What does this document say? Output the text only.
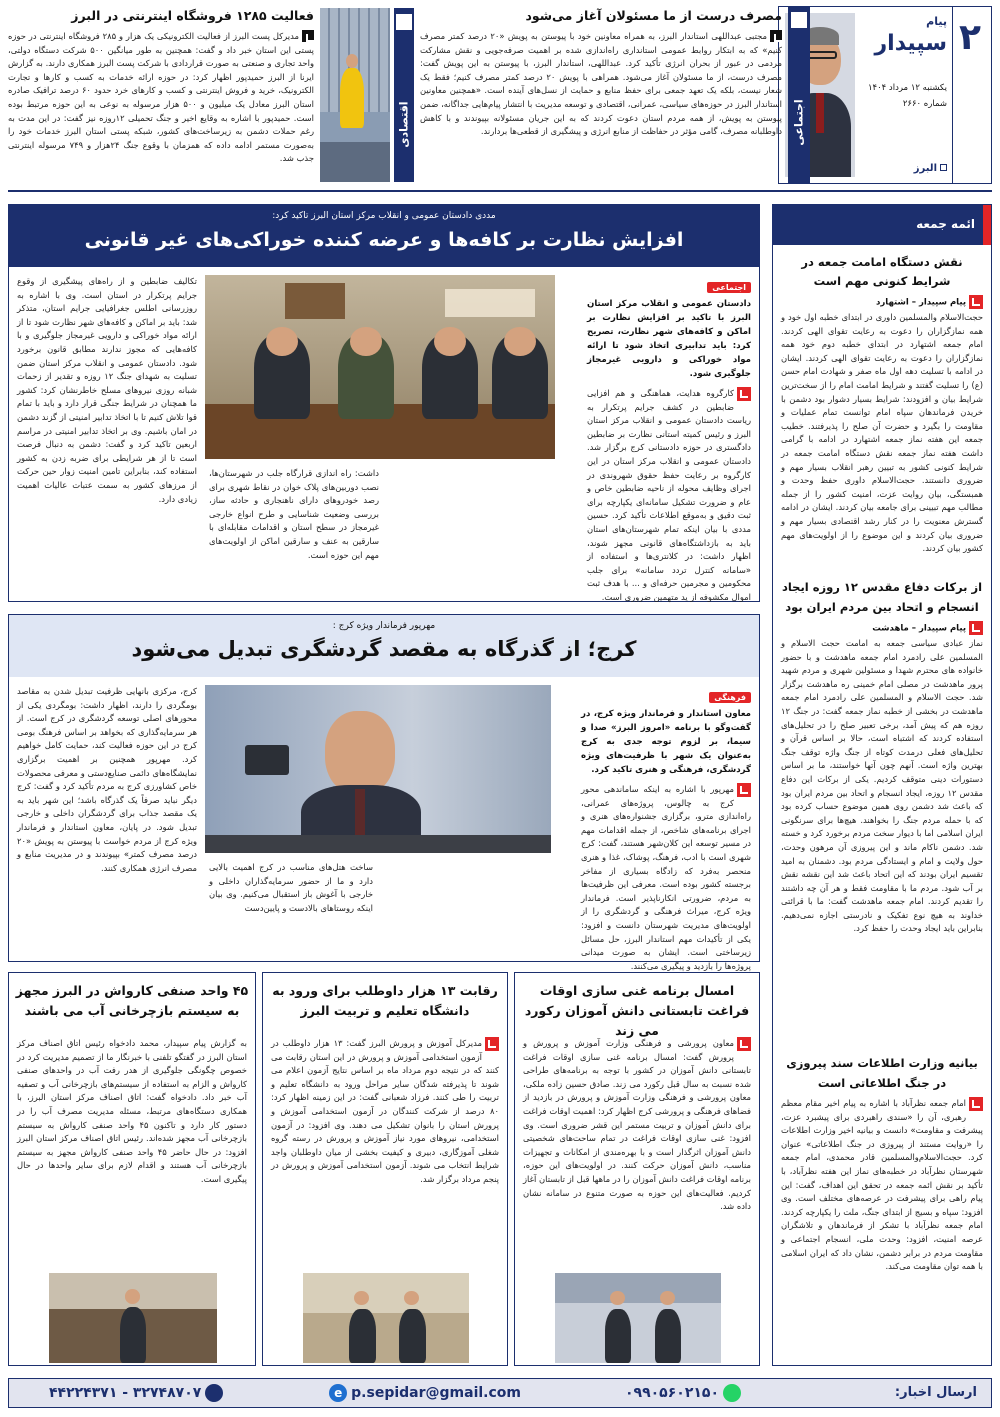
۲
پیام
سپیدار
یکشنبه ۱۲ مرداد ۱۴۰۴
شماره ۲۶۶۰
البرز
اجتماعی
مصرف درست از ما مسئولان آغاز می‌شود
مجتبی عبداللهی استاندار البرز، به همراه معاونین خود با پیوستن به پویش «۲۰ درصد کمتر مصرف کنیم» که به ابتکار روابط عمومی استانداری راه‌اندازی شده بر اهمیت صرفه‌جویی و نقش مشارکت مردمی در عبور از بحران انرژی تأکید کرد. عبداللهی، استاندار البرز، با پیوستن به این پویش گفت: مصرف درست، از ما مسئولان آغاز می‌شود. همراهی با پویش ۲۰ درصد کمتر مصرف کنیم؛ فقط یک شعار نیست، بلکه یک تعهد جمعی برای حفظ منابع و حمایت از نسل‌های آینده است. «همچنین معاونین استاندار البرز در حوزه‌های سیاسی، عمرانی، اقتصادی و توسعه مدیریت با انتشار پیام‌هایی جداگانه، ضمن پیوستن به پویش، از همه مردم استان دعوت کردند که به این جریان مسئولانه بپیوندند و با کاهش داوطلبانه مصرف، گامی مؤثر در حفاظت از منابع انرژی و پیشگیری از قطعی‌ها بردارند.
فعالیت ۱۲۸۵ فروشگاه اینترنتی در البرز
مدیرکل پست البرز از فعالیت الکترونیکی یک هزار و ۲۸۵ فروشگاه اینترنتی در حوزه پستی این استان خبر داد و گفت: همچنین به طور میانگین ۵۰۰ شرکت دستگاه دولتی، واحد تجاری و صنعتی به صورت قراردادی با شرکت پست البرز همکاری دارند. به گزارش ایرنا از البرز حمیدپور اظهار کرد: در حوزه ارائه خدمات به کسب و کارها و تجارت الکترونیک، خرید و فروش اینترنتی و کسب و کارهای خرد حدود ۶۰ درصد ترافیک صادره استان البرز معادل یک میلیون و ۵۰۰ هزار مرسوله به نوعی به این حوزه مرتبط بوده است. حمیدپور با اشاره به وقایع اخیر و جنگ تحمیلی ۱۲روزه نیز گفت: در این مدت به رغم حملات دشمن به زیرساخت‌های کشور، شبکه پستی استان البرز خدمات خود را به‌صورت مستمر ادامه داده که همزمان با وقوع جنگ ۲۴هزار و ۷۴۹ مرسوله اینترنتی جذب شد.
اقتصادی
ائمه جمعه
نقش دستگاه امامت جمعه در شرایط کنونی مهم است
پیام سپیدار – اشتهارد
حجت‌الاسلام والمسلمین داوری در ابتدای خطبه اول خود و همه نمازگزاران را دعوت به رعایت تقوای الهی کردند. امام جمعه اشتهارد در ابتدای خطبه دوم خود همه نمازگزاران را دعوت به رعایت تقوای الهی کردند. ایشان در ادامه با تسلیت دهه اول ماه صفر و شهادت امام حسن (ع) را تسلیت گفتند و شرایط امامت امام را از سخت‌ترین شرایط بیان و افزودند: شرایط بسیار دشوار بود دشمن با خریدن فرماندهان سپاه امام توانست تمام عملیات و مقاومت را بگیرد و حضرت آن صلح را پذیرفتند. خطیب جمعه این هفته نماز جمعه اشتهارد در ادامه با گرامی داشت هفته نماز جمعه نقش دستگاه امامت جمعه در شرایط کنونی کشور به تبیین رهبر انقلاب بسیار مهم و ضروری دانستند. حجت‌الاسلام داوری حفظ وحدت و همبستگی، بیان روایت عزت، امنیت کشور را از جمله مطالب مهم تبیینی برای جامعه بیان کردند. ایشان در ادامه گسترش معنویت را در کنار رشد اقتصادی بسیار مهم و ضروری بیان کردند و این موضوع را از اولویت‌های مهم کشور بیان کردند.
از برکات دفاع مقدس ۱۲ روزه ایجاد انسجام و اتحاد بین مردم ایران بود
پیام سپیدار – ماهدشت
نماز عبادی سیاسی جمعه به امامت حجت الاسلام و المسلمین علی رادمرد امام جمعه ماهدشت و با حضور خانواده های محترم شهدا و مسئولین شهری و مردم شهید پرور ماهدشت در مصلی امام خمینی ره ماهدشت برگزار شد. حجت الاسلام و المسلمین علی رادمرد امام جمعه ماهدشت در بخشی از خطبه نماز جمعه گفت: در جنگ ۱۲ روزه هم که پیش آمد، برخی تعبیر صلح را در تحلیل‌های استفاده کردند که اشتباه است، حالا بر اساس قرآن و تحلیل‌های فعلی درمدت کوتاه از جنگ واژه توقف جنگ بهترین واژه است. آنهم چون آتها خواستند، ما بر اساس دستورات دینی متوقف کردیم. یکی از برکات این دفاع مقدس ۱۲ روزه، ایجاد انسجام و اتحاد بین مردم ایران بود که باعث شد دشمن روی همین موضوع حساب کرده بود که با حمله مردم جنگ را بخواهند. هیچ‌ها برای سرنگونی ایران اسلامی اما با دیوار سخت مردم برخورد کرد و خسته شد. دشمن ناکام ماند و این پیروزی آن مرهون وحدت، حول ولایت و امام و ایستادگی مردم بود. دشمنان به امید تقسیم ایران بودند که این اتحاد باعث شد این نقشه نقش بر آب شود. مردم ما با مقاومت فقط و هر آن چه داشتند را تقدیم کردند. امام جمعه ماهدشت گفت: ما با قرائتی خداوند به هیچ نوع تفکیک و نادرستی اجازه نمی‌دهیم. بنابراین باید ایجاد وحدت را حفظ کرد.
بیانیه وزارت اطلاعات سند پیروزی در جنگ اطلاعاتی است
امام جمعه نظرآباد با اشاره به پیام اخیر مقام معظم رهبری، آن را «سندی راهبردی برای پیشبرد عزت، پیشرفت و مقاومت» دانست و بیانیه اخیر وزارت اطلاعات را «روایت مستند از پیروزی در جنگ اطلاعاتی» عنوان کرد. حجت‌الاسلام‌والمسلمین قادر محمدی، امام جمعه شهرستان نظرآباد در خطبه‌های نماز این هفته نظرآباد، با تأکید بر نقش ائمه جمعه در تحقق این اهداف، گفت: این پیام راهی برای پیشرفت در عرصه‌های مختلف است. وی افزود: سپاه و بسیج از ابتدای جنگ، ملت را یکپارچه کردند. امام جمعه نظرآباد با تشکر از فرماندهان و تلاشگران عرصه امنیت، افزود: وحدت ملی، انسجام اجتماعی و مقاومت مردم در برابر دشمن، نشان داد که ایران اسلامی با همه توان مقاومت می‌کند.
مددی دادستان عمومی و انقلاب مرکز استان البرز تاکید کرد:
افزایش نظارت بر کافه‌ها و عرضه کننده خوراکی‌های غیر قانونی
اجتماعی
دادستان عمومی و انقلاب مرکز استان البرز با تاکید بر افزایش نظارت بر اماکن و کافه‌های شهر نظارت، تصریح کرد: باید تدابیری اتخاذ شود تا ارائه مواد خوراکی و دارویی غیرمجاز جلوگیری شود.
کارگروه هدایت، هماهنگی و هم افزایی ضابطین در کشف جرایم پرتکرار به ریاست دادستان عمومی و انقلاب مرکز استان البرز و رئیس کمیته استانی نظارت بر ضابطین دادگستری در حوزه دادستانی کرج برگزار شد. دادستان عمومی و انقلاب مرکز استان در این کارگروه بر رعایت حفظ حقوق شهروندی در اجرای وظایف محوله از ناحیه ضابطین خاص و عام و ضرورت تشکیل سامانه‌ای یکپارچه برای ثبت دقیق و به‌موقع اطلاعات تأکید کرد. حسین مددی با بیان اینکه تمام شهرستان‌های استان باید به بازداشتگاه‌های قانونی مجهز شوند، اظهار داشت: در کلانتری‌ها و استفاده از «سامانه کنترل تردد سامانه» برای جلب محکومین و مجرمین حرفه‌ای و ... با هدف ثبت اموال مکشوفه از ید متهمین ضروری است.
داشت: راه اندازی قرارگاه جلب در شهرستان‌ها، نصب دوربین‌های پلاک خوان در نقاط شهری برای رصد خودروهای دارای ناهنجاری و حادثه ساز، بررسی وضعیت شناسایی و طرح انواع خارجی غیرمجاز در سطح استان و اقدامات مقابله‌ای با سارقین به عنف و سارقین اماکن از اولویت‌های مهم این حوزه است.
تکالیف ضابطین و از راه‌های پیشگیری از وقوع جرایم پرتکرار در استان است. وی با اشاره به روزرسانی اطلس جغرافیایی جرایم استان، متذکر شد: باید بر اماکن و کافه‌های شهر نظارت شود تا از ارائه مواد خوراکی و دارویی غیرمجاز جلوگیری و با کافه‌هایی که مجوز ندارند مطابق قانون برخورد شود. دادستان عمومی و انقلاب مرکز استان ضمن تسلیت به شهدای جنگ ۱۲ روزه و تقدیر از زحمات شبانه روزی نیروهای مسلح خاطرنشان کرد: کشور ما همچنان در شرایط جنگی قرار دارد و باید با تمام قوا تلاش کنیم تا با اتخاذ تدابیر امنیتی از گزند دشمن در امان باشیم. وی بر اتخاذ تدابیر امنیتی در مراسم اربعین تاکید کرد و گفت: دشمن به دنبال فرصت است تا از هر شرایطی برای ضربه زدن به کشور استفاده کند، بنابراین تامین امنیت زوار حین حرکت از مرزهای کشور به سمت عتبات عالیات اهمیت زیادی دارد.
مهرپور فرماندار ویژه کرج :
کرج؛ از گذرگاه به مقصد گردشگری تبدیل می‌شود
فرهنگی
معاون استاندار و فرماندار ویژه کرج، در گفت‌وگو با برنامه «امروز البرز» صدا و سیما، بر لزوم توجه جدی به کرج به‌عنوان یک شهر با ظرفیت‌های ویژه گردشگری، فرهنگی و هنری تاکید کرد.
مهرپور با اشاره به اینکه ساماندهی محور کرج به چالوس، پروژه‌های عمرانی، راه‌اندازی مترو، برگزاری جشنواره‌های هنری و اجرای برنامه‌های شاخص، از جمله اقدامات مهم در مسیر توسعه این کلان‌شهر هستند، گفت: کرج شهری است با ادب، فرهنگ، پوشاک، غذا و هنری منحصر به‌فرد که زادگاه بسیاری از مفاخر برجسته کشور بوده است. معرفی این ظرفیت‌ها به مردم، ضرورتی انکارناپذیر است. فرماندار ویژه کرج، میراث فرهنگی و گردشگری را از اولویت‌های مدیریت شهرستان دانست و افزود: یکی از تأکیدات مهم استاندار البرز، حل مسائل زیرساختی است. ایشان به صورت میدانی پروژه‌ها را بازدید و پیگیری می‌کنند.
ساخت هتل‌های مناسب در کرج اهمیت بالایی دارد و ما از حضور سرمایه‌گذاران داخلی و خارجی با آغوش باز استقبال می‌کنیم. وی بیان اینکه روستاهای بالادست و پایین‌دست
کرج، مرکزی با‌نهایی ظرفیت تبدیل شدن به مقاصد بومگردی را دارند، اظهار داشت: بومگردی یکی از محورهای اصلی توسعه گردشگری در کرج است. از هر سرمایه‌گذاری که بخواهد بر اساس فرهنگ بومی کرج در این حوزه فعالیت کند، حمایت کامل خواهیم کرد. مهرپور همچنین بر اهمیت برگزاری نمایشگاه‌های دائمی صنایع‌دستی و معرفی محصولات خاص کشاورزی کرج به مردم تأکید کرد و گفت: کرج دیگر نباید صرفاً یک گذرگاه باشد؛ این شهر باید به یک مقصد جذاب برای گردشگران داخلی و خارجی تبدیل شود. در پایان، معاون استاندار و فرماندار ویژه کرج از مردم خواست با پیوستن به پویش «۲۰ درصد مصرف کمتر» بپیوندند و در مدیریت منابع و مصرف انرژی همکاری کنند.
امسال برنامه غنی سازی اوقات فراغت تابستانی دانش آموزان رکورد می زند
معاون پرورشی و فرهنگی وزارت آموزش و پرورش و پرورش گفت: امسال برنامه غنی سازی اوقات فراغت تابستانی دانش آموزان در کشور با توجه به برنامه‌های طراحی شده نسبت به سال قبل رکورد می زند. صادق حسین زاده ملکی، معاون پرورشی و فرهنگی وزارت آموزش و پرورش در بازدید از فضاهای فرهنگی و پرورشی کرج اظهار کرد: اهمیت اوقات فراغت برای دانش آموزان و تربیت مستمر این قشر ضروری است. وی افزود: غنی سازی اوقات فراغت در تمام ساحت‌های شخصیتی دانش آموزان اثرگذار است و با بهره‌مندی از امکانات و تجهیزات مناسب، دانش آموزان حرکت کنند. در اولویت‌های این حوزه، برنامه اوقات فراغت دانش آموزان را در ماهها قبل از تابستان آغاز کردیم. فعالیت‌های این حوزه به صورت متنوع در سامانه نشان داده شد.
رقابت ۱۳ هزار داوطلب برای ورود به دانشگاه تعلیم و تربیت البرز
مدیرکل آموزش و پرورش البرز گفت: ۱۳ هزار داوطلب در آزمون استخدامی آموزش و پرورش در این استان رقابت می کنند که در نتیجه دوم مرداد ماه بر اساس نتایج آزمون اعلام می شوند تا پذیرفته شدگان سایر مراحل ورود به دانشگاه تعلیم و تربیت را طی کنند. فرزاد شعبانی گفت: در این زمینه اظهار کرد: ۸۰ درصد از شرکت کنندگان در آزمون استخدامی آموزش و پرورش استان را بانوان تشکیل می دهند. وی افزود: در آزمون استخدامی، نیروهای مورد نیاز آموزش و پرورش در رسته گروه شغلی آموزگاری، دبیری و کیفیت بخشی از میان داوطلبان واجد شرایط انتخاب می شوند. آزمون استخدامی آموزش و پرورش در پنجم مرداد برگزار شد.
۴۵ واحد صنفی کارواش در البرز مجهز به سیستم بازچرخانی آب می باشند
به گزارش پیام سپیدار، محمد دادخواه رئیس اتاق اصناف مرکز استان البرز در گفتگو تلفنی با خبرنگار ما از تصمیم مدیریت کرد در خصوص چگونگی جلوگیری از هدر رفت آب در واحدهای صنفی کارواش و الزام به استفاده از سیستم‌های بازچرخانی آب و تصفیه آب خبر داد. دادخواه گفت: اتاق اصناف مرکز استان البرز، با همکاری دستگاه‌های مرتبط، مسئله مدیریت مصرف آب را در دستور کار دارد و تاکنون ۴۵ واحد صنفی کارواش به سیستم بازچرخانی آب مجهز شده‌اند. رئیس اتاق اصناف مرکز استان البرز افزود: در حال حاضر ۴۵ واحد صنفی کارواش مجهز به سیستم بازچرخانی آب هستند و اقدام لازم برای سایر واحدها در حال پیگیری است.
ارسال اخبار:
۰۹۹۰۵۶۰۲۱۵۰
e p.sepidar@gmail.com
۳۲۷۴۸۷۰۷ - ۴۴۲۲۴۳۷۱
